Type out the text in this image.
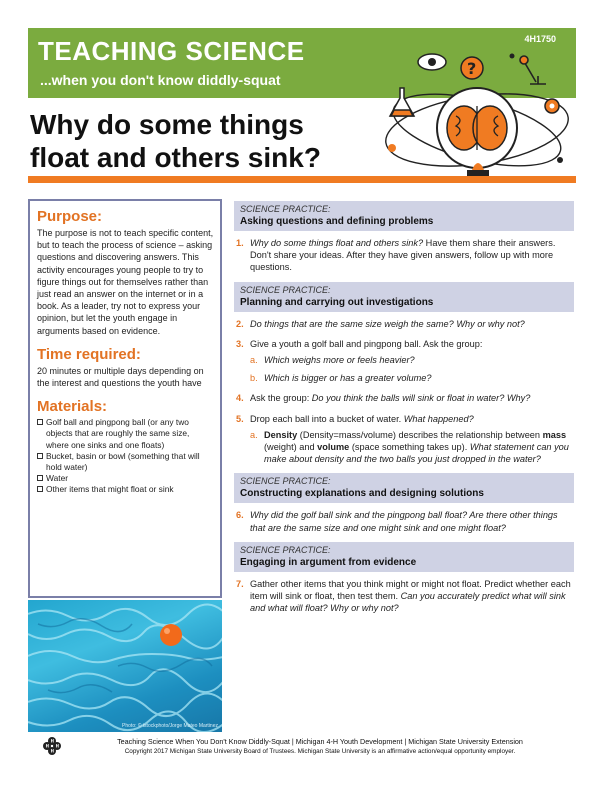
TEACHING SCIENCE
...when you don't know diddly-squat
4H1750
?
Why do some things float and others sink?
Purpose:
The purpose is not to teach specific content, but to teach the process of science – asking questions and discovering answers. This activity encourages young people to try to figure things out for themselves rather than just read an answer on the internet or in a book. As a leader, try not to express your opinion, but let the youth engage in arguments based on evidence.
Time required:
20 minutes or multiple days depending on the interest and questions the youth have
Materials:
Golf ball and pingpong ball (or any two objects that are roughly the same size, where one sinks and one floats)
Bucket, basin or bowl (something that will hold water)
Water
Other items that might float or sink
Photo: © istockphoto/Jorge Mateo Martinez
SCIENCE PRACTICE:
Asking questions and defining problems
1. Why do some things float and others sink? Have them share their answers. Don't share your ideas. After they have given answers, follow up with more questions.
SCIENCE PRACTICE:
Planning and carrying out investigations
2. Do things that are the same size weigh the same? Why or why not?
3. Give a youth a golf ball and pingpong ball. Ask the group:
a. Which weighs more or feels heavier?
b. Which is bigger or has a greater volume?
4. Ask the group: Do you think the balls will sink or float in water? Why?
5. Drop each ball into a bucket of water. What happened?
a. Density (Density=mass/volume) describes the relationship between mass (weight) and volume (space something takes up). What statement can you make about density and the two balls you just dropped in the water?
SCIENCE PRACTICE:
Constructing explanations and designing solutions
6. Why did the golf ball sink and the pingpong ball float? Are there other things that are the same size and one might sink and one might float?
SCIENCE PRACTICE:
Engaging in argument from evidence
7. Gather other items that you think might or might not float. Predict whether each item will sink or float, then test them. Can you accurately predict what will sink and what will float? Why or why not?
H
H
H H	Teaching Science When You Don't Know Diddly-Squat | Michigan 4-H Youth Development | Michigan State University Extension
Copyright 2017 Michigan State University Board of Trustees. Michigan State University is an affirmative action/equal opportunity employer.
